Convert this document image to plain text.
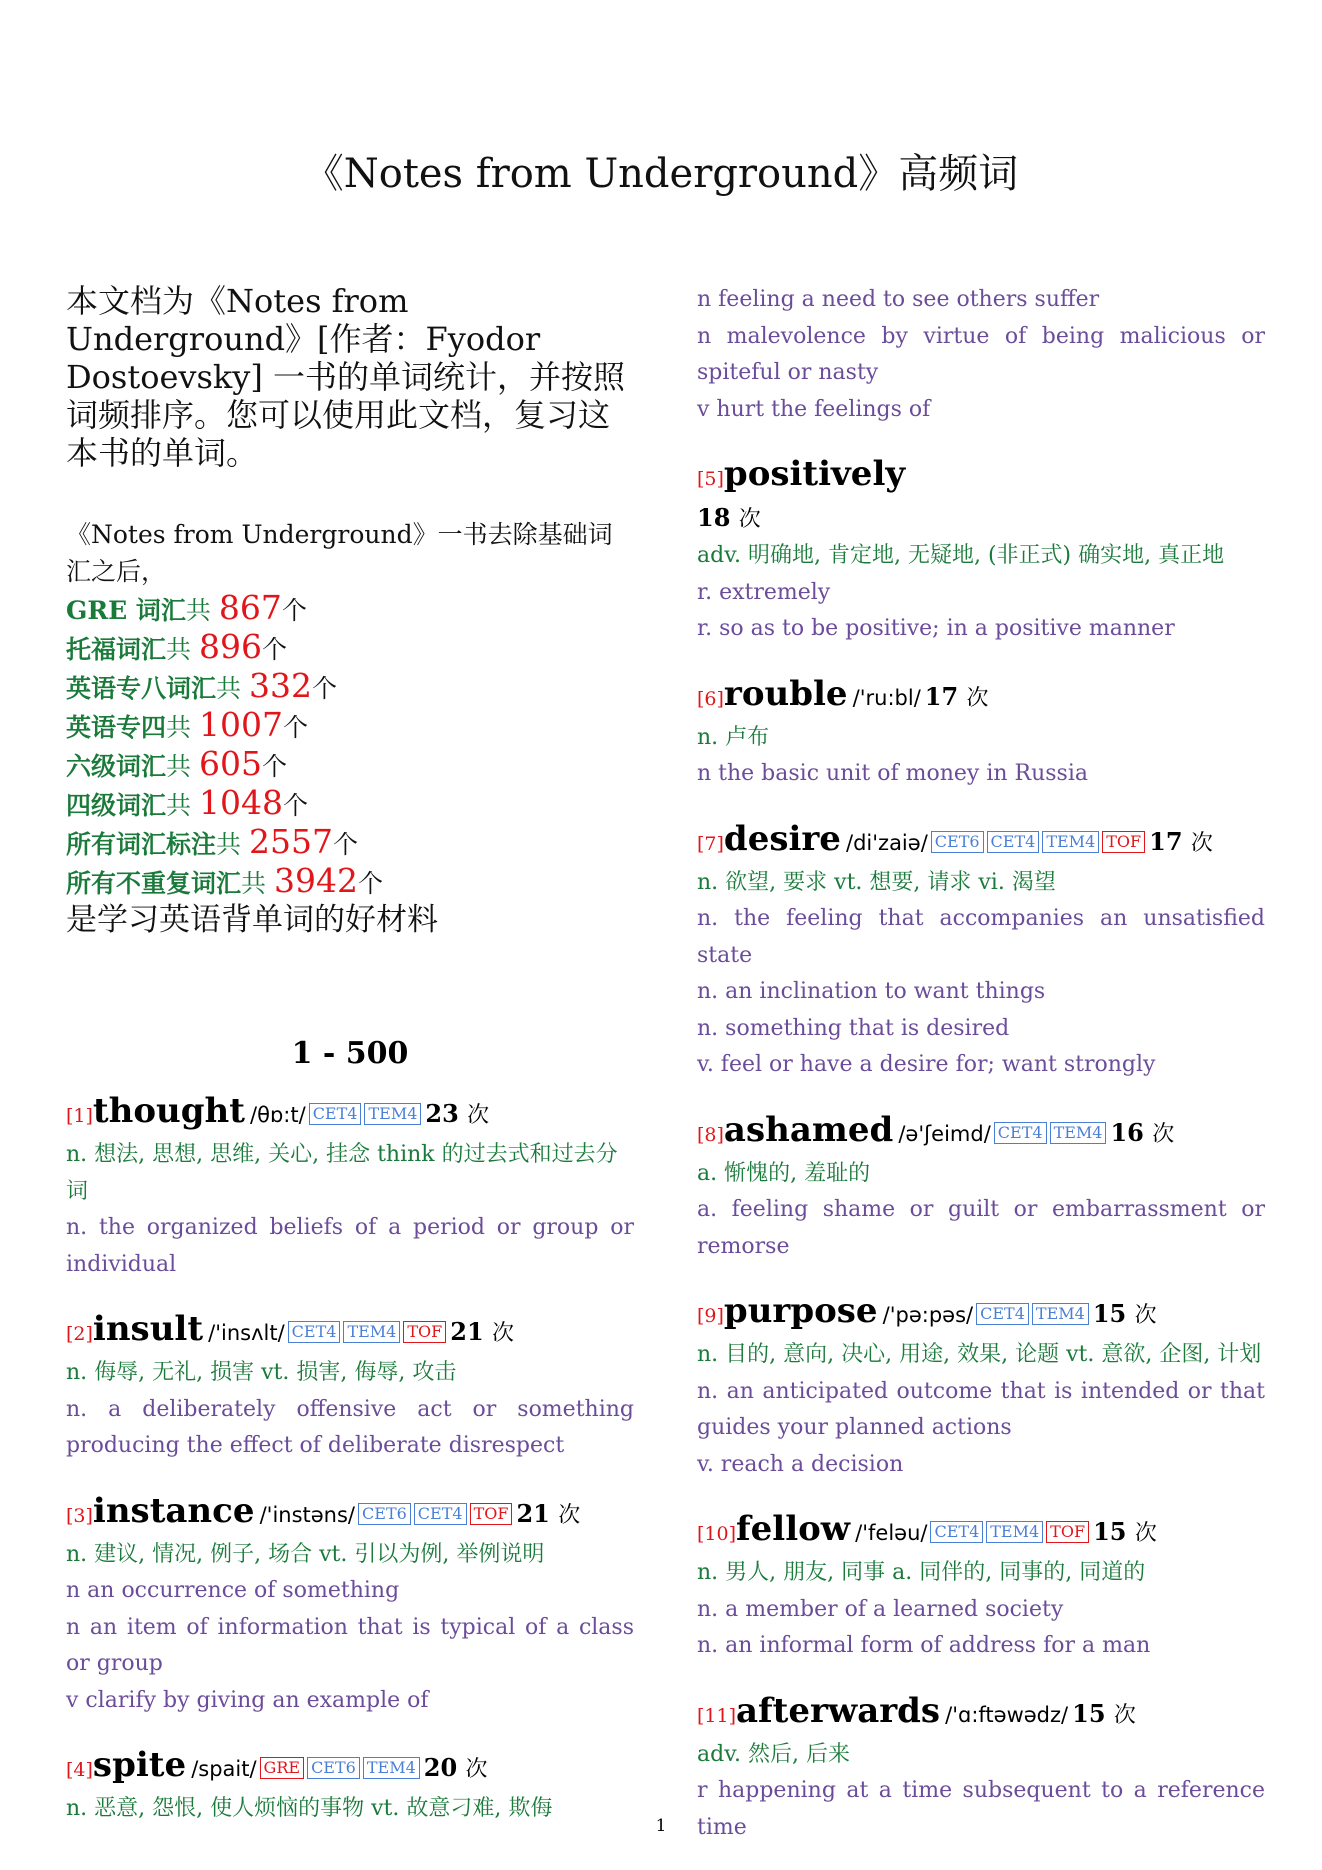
《Notes from Underground》高频词
本文档为《Notes from Underground》[作者：Fyodor Dostoevsky] 一书的单词统计，并按照词频排序。您可以使用此文档，复习这本书的单词。
《Notes from Underground》一书去除基础词汇之后，
GRE 词汇共 867个
托福词汇共 896个
英语专八词汇共 332个
英语专四共 1007个
六级词汇共 605个
四级词汇共 1048个
所有词汇标注共 2557个
所有不重复词汇共 3942个
是学习英语背单词的好材料
1 - 500
[1]thought /θɒ:t/ CET4 TEM4 23 次
n. 想法, 思想, 思维, 关心, 挂念 think 的过去式和过去分词
n. the organized beliefs of a period or group or individual
[2]insult /'insʌlt/ CET4 TEM4 TOF 21 次
n. 侮辱, 无礼, 损害 vt. 损害, 侮辱, 攻击
n. a deliberately offensive act or something producing the effect of deliberate disrespect
[3]instance /'instəns/ CET6 CET4 TOF 21 次
n. 建议, 情况, 例子, 场合 vt. 引以为例, 举例说明
n an occurrence of something
n an item of information that is typical of a class or group
v clarify by giving an example of
[4]spite /spait/ GRE CET6 TEM4 20 次
n. 恶意, 怨恨, 使人烦恼的事物 vt. 故意刁难, 欺侮
n feeling a need to see others suffer
n malevolence by virtue of being malicious or spiteful or nasty
v hurt the feelings of
[5]positively
18 次
adv. 明确地, 肯定地, 无疑地, (非正式) 确实地, 真正地
r. extremely
r. so as to be positive; in a positive manner
[6]rouble /'ru:bl/ 17 次
n. 卢布
n the basic unit of money in Russia
[7]desire /di'zaiə/ CET6 CET4 TEM4 TOF 17 次
n. 欲望, 要求 vt. 想要, 请求 vi. 渴望
n. the feeling that accompanies an unsatisfied state
n. an inclination to want things
n. something that is desired
v. feel or have a desire for; want strongly
[8]ashamed /ə'ʃeimd/ CET4 TEM4 16 次
a. 惭愧的, 羞耻的
a. feeling shame or guilt or embarrassment or remorse
[9]purpose /'pə:pəs/ CET4 TEM4 15 次
n. 目的, 意向, 决心, 用途, 效果, 论题 vt. 意欲, 企图, 计划
n. an anticipated outcome that is intended or that guides your planned actions
v. reach a decision
[10]fellow /'feləu/ CET4 TEM4 TOF 15 次
n. 男人, 朋友, 同事 a. 同伴的, 同事的, 同道的
n. a member of a learned society
n. an informal form of address for a man
[11]afterwards /'ɑ:ftəwədz/ 15 次
adv. 然后, 后来
r happening at a time subsequent to a reference time
1
